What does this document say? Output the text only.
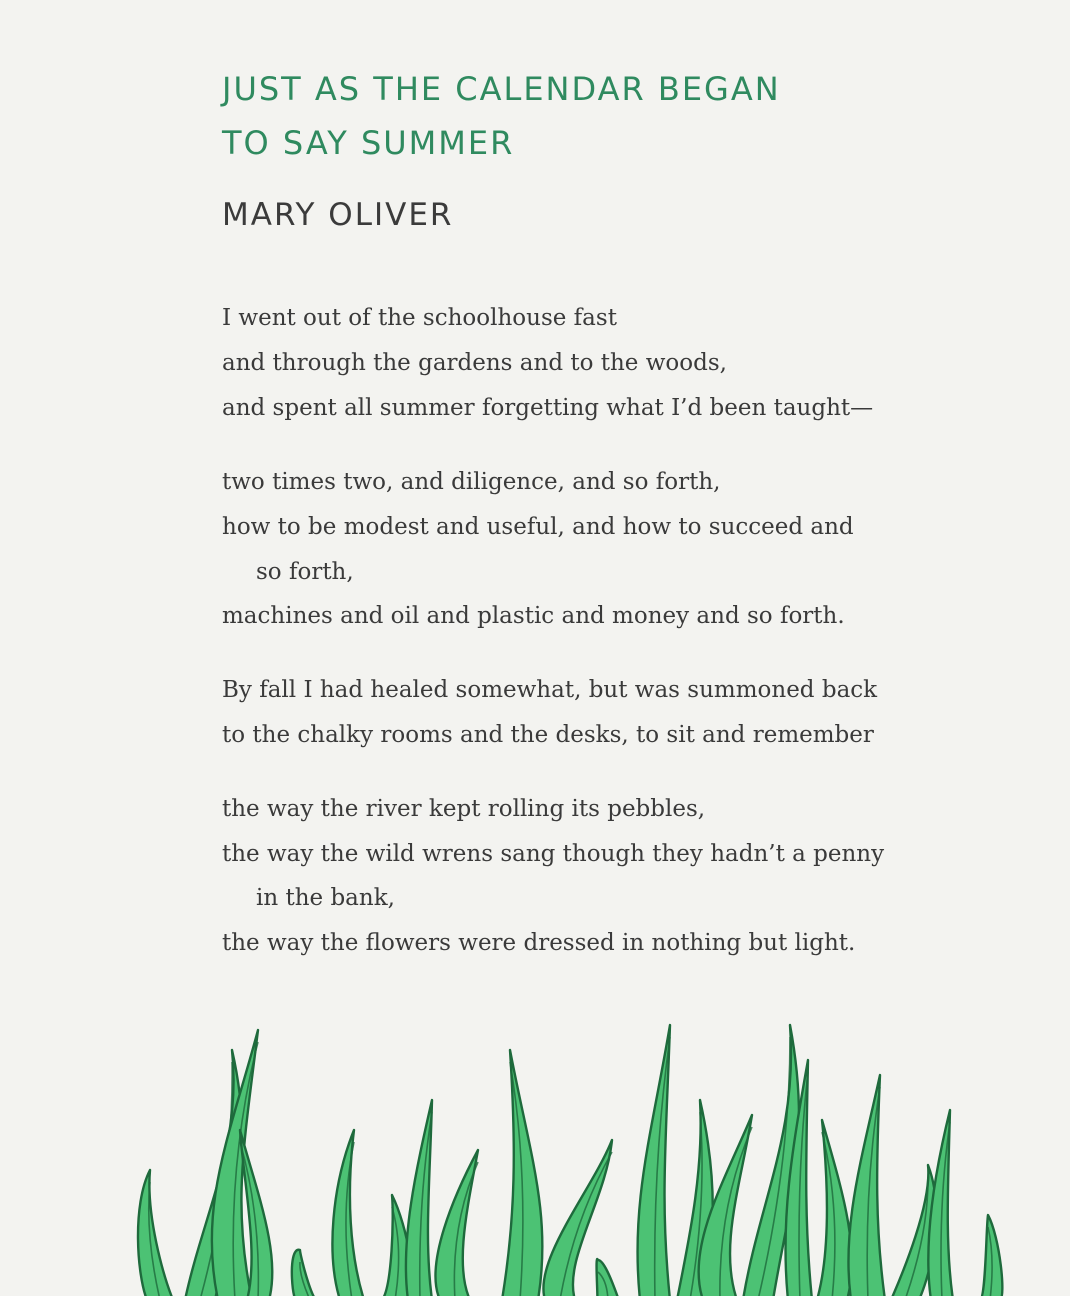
JUST AS THE CALENDAR BEGAN
TO SAY SUMMER
MARY OLIVER
I went out of the schoolhouse fast
and through the gardens and to the woods,
and spent all summer forgetting what I’d been taught—
two times two, and diligence, and so forth,
how to be modest and useful, and how to succeed and
so forth,
machines and oil and plastic and money and so forth.
By fall I had healed somewhat, but was summoned back
to the chalky rooms and the desks, to sit and remember
the way the river kept rolling its pebbles,
the way the wild wrens sang though they hadn’t a penny
in the bank,
the way the flowers were dressed in nothing but light.
